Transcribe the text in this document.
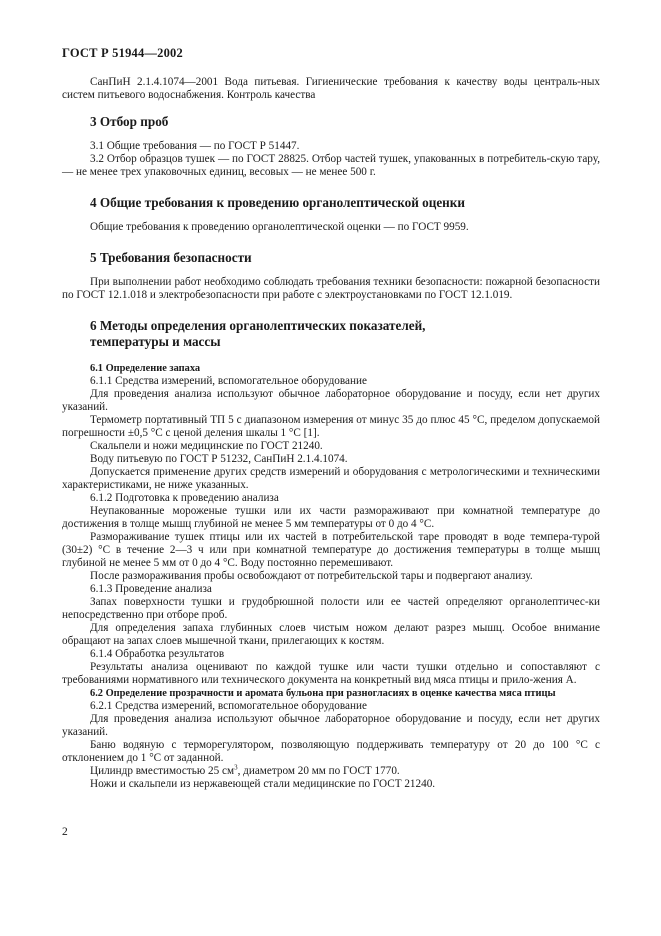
ГОСТ Р 51944—2002

СанПиН 2.1.4.1074—2001 Вода питьевая. Гигиенические требования к качеству воды централь-ных систем питьевого водоснабжения. Контроль качества

3 Отбор проб

3.1 Общие требования — по ГОСТ Р 51447.

3.2 Отбор образцов тушек — по ГОСТ 28825. Отбор частей тушек, упакованных в потребитель-скую тару, — не менее трех упаковочных единиц, весовых — не менее 500 г.

4 Общие требования к проведению органолептической оценки

Общие требования к проведению органолептической оценки — по ГОСТ 9959.

5 Требования безопасности

При выполнении работ необходимо соблюдать требования техники безопасности: пожарной безопасности по ГОСТ 12.1.018 и электробезопасности при работе с электроустановками по ГОСТ 12.1.019.

6 Методы определения органолептических показателей,
температуры и массы
6.1 Определение запаха

6.1.1 Средства измерений, вспомогательное оборудование

Для проведения анализа используют обычное лабораторное оборудование и посуду, если нет других указаний.

Термометр портативный ТП 5 с диапазоном измерения от минус 35 до плюс 45 °С, пределом допускаемой погрешности ±0,5 °С с ценой деления шкалы 1 °С [1].

Скальпели и ножи медицинские по ГОСТ 21240.

Воду питьевую по ГОСТ Р 51232, СанПиН 2.1.4.1074.

Допускается применение других средств измерений и оборудования с метрологическими и техническими характеристиками, не ниже указанных.

6.1.2 Подготовка к проведению анализа

Неупакованные мороженые тушки или их части размораживают при комнатной температуре до достижения в толще мышц глубиной не менее 5 мм температуры от 0 до 4 °С.

Размораживание тушек птицы или их частей в потребительской таре проводят в воде темпера-турой (30±2) °С в течение 2—3 ч или при комнатной температуре до достижения температуры в толще мышц глубиной не менее 5 мм от 0 до 4 °С. Воду постоянно перемешивают.

После размораживания пробы освобождают от потребительской тары и подвергают анализу.

6.1.3 Проведение анализа

Запах поверхности тушки и грудобрюшной полости или ее частей определяют органолептичес-ки непосредственно при отборе проб.

Для определения запаха глубинных слоев чистым ножом делают разрез мышц. Особое внимание обращают на запах слоев мышечной ткани, прилегающих к костям.

6.1.4 Обработка результатов

Результаты анализа оценивают по каждой тушке или части тушки отдельно и сопоставляют с требованиями нормативного или технического документа на конкретный вид мяса птицы и прило-жения А.

6.2 Определение прозрачности и аромата бульона при разногласиях в оценке качества мяса птицы

6.2.1 Средства измерений, вспомогательное оборудование

Для проведения анализа используют обычное лабораторное оборудование и посуду, если нет других указаний.

Баню водяную с терморегулятором, позволяющую поддерживать температуру от 20 до 100 °С с отклонением до 1 °С от заданной.

Цилиндр вместимостью 25 $см^3$, диаметром 20 мм по ГОСТ 1770.

Ножи и скальпели из нержавеющей стали медицинские по ГОСТ 21240.

2
